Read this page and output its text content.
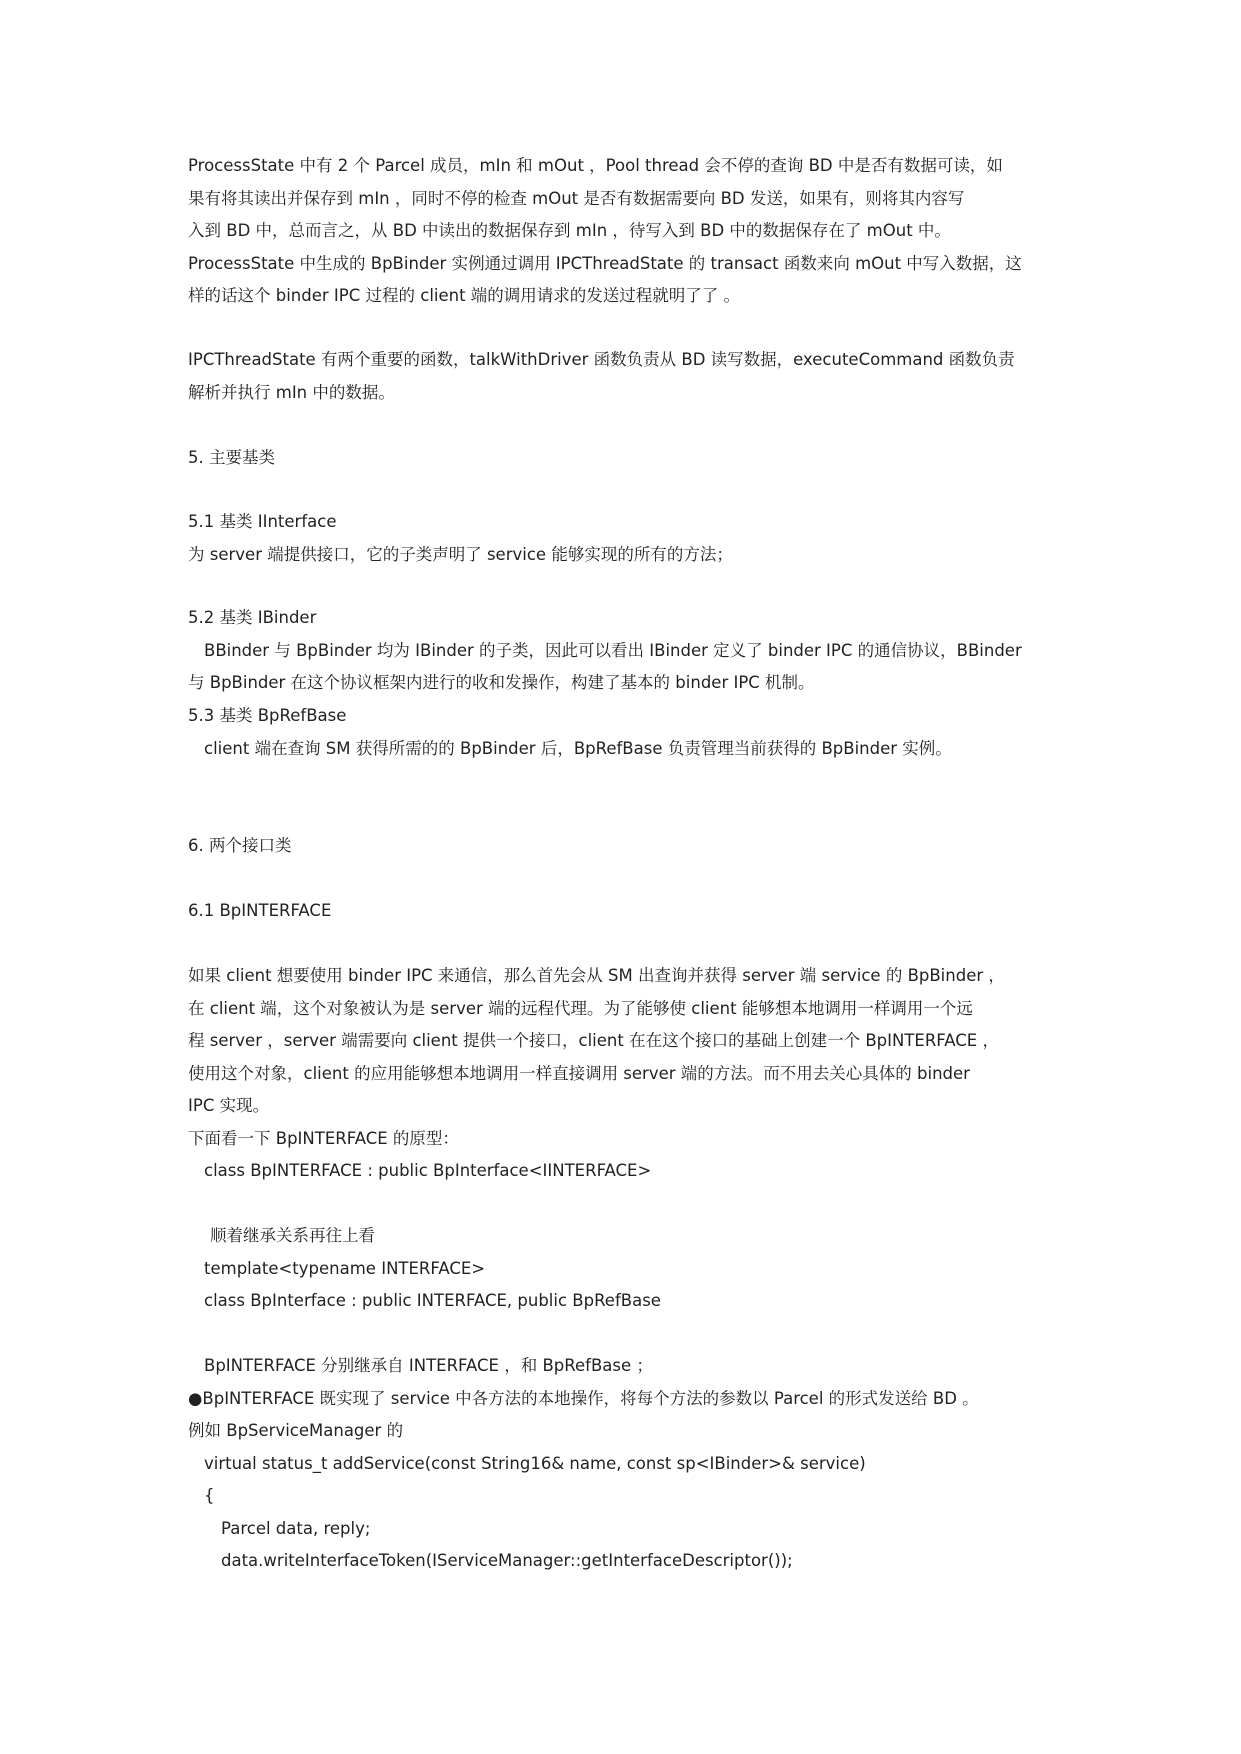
ProcessState 中有 2 个 Parcel 成员，mIn 和 mOut ，Pool thread 会不停的查询 BD 中是否有数据可读，如
果有将其读出并保存到 mIn ，同时不停的检查 mOut 是否有数据需要向 BD 发送，如果有，则将其内容写
入到 BD 中，总而言之，从 BD 中读出的数据保存到 mIn ，待写入到 BD 中的数据保存在了 mOut 中。
ProcessState 中生成的 BpBinder 实例通过调用 IPCThreadState 的 transact 函数来向 mOut 中写入数据，这
样的话这个 binder IPC 过程的 client 端的调用请求的发送过程就明了了 。
IPCThreadState 有两个重要的函数，talkWithDriver 函数负责从 BD 读写数据，executeCommand 函数负责
解析并执行 mIn 中的数据。
5. 主要基类
5.1 基类 IInterface
为 server 端提供接口，它的子类声明了 service 能够实现的所有的方法；
5.2 基类 IBinder
BBinder 与 BpBinder 均为 IBinder 的子类，因此可以看出 IBinder 定义了 binder IPC 的通信协议，BBinder
与 BpBinder 在这个协议框架内进行的收和发操作，构建了基本的 binder IPC 机制。
5.3 基类 BpRefBase
client 端在查询 SM 获得所需的的 BpBinder 后，BpRefBase 负责管理当前获得的 BpBinder 实例。
6. 两个接口类
6.1 BpINTERFACE
如果 client 想要使用 binder IPC 来通信，那么首先会从 SM 出查询并获得 server 端 service 的 BpBinder ，
在 client 端，这个对象被认为是 server 端的远程代理。为了能够使 client 能够想本地调用一样调用一个远
程 server ，server 端需要向 client 提供一个接口，client 在在这个接口的基础上创建一个 BpINTERFACE ，
使用这个对象，client 的应用能够想本地调用一样直接调用 server 端的方法。而不用去关心具体的 binder
IPC 实现。
下面看一下 BpINTERFACE 的原型：
class BpINTERFACE : public BpInterface<IINTERFACE>
顺着继承关系再往上看
template<typename INTERFACE>
class BpInterface : public INTERFACE, public BpRefBase
BpINTERFACE 分别继承自 INTERFACE ，和 BpRefBase ；
●BpINTERFACE 既实现了 service 中各方法的本地操作，将每个方法的参数以 Parcel 的形式发送给 BD 。
例如 BpServiceManager 的
virtual status_t addService(const String16& name, const sp<IBinder>& service)
{
Parcel data, reply;
data.writeInterfaceToken(IServiceManager::getInterfaceDescriptor());
